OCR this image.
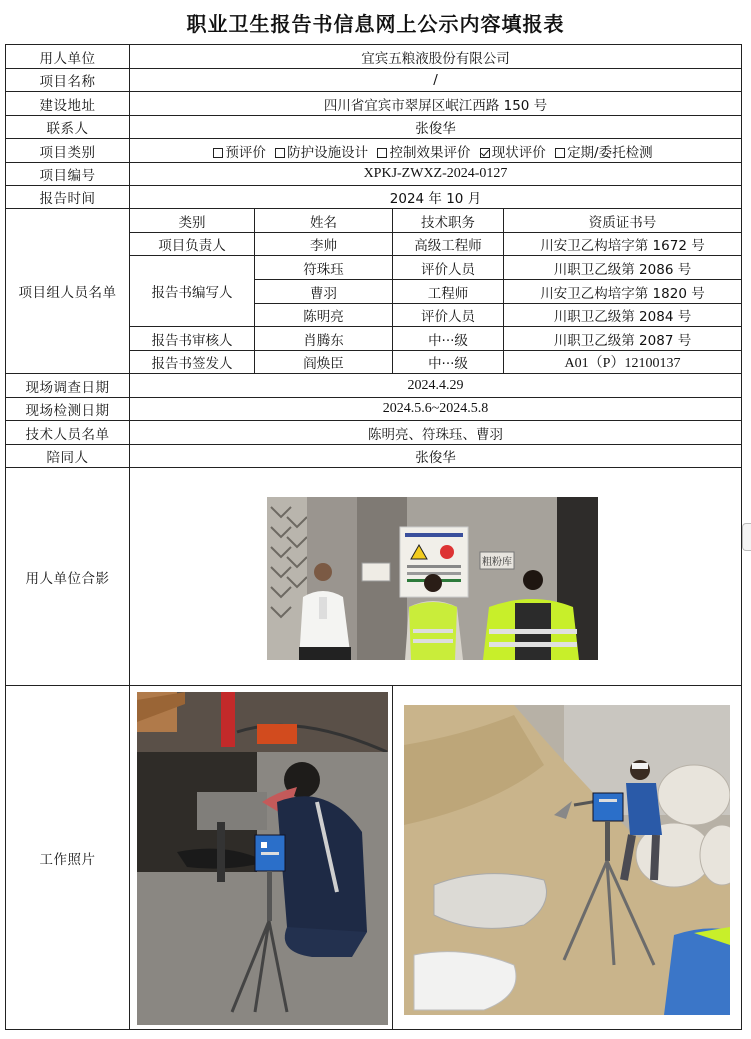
职业卫生报告书信息网上公示内容填报表
用人单位	宜宾五粮液股份有限公司			
项目名称	/			
建设地址	四川省宜宾市翠屏区岷江西路 150 号			
联系人	张俊华			
项目类别	预评价 防护设施设计 控制效果评价 现状评价 定期/委托检测			
项目编号	XPKJ-ZWXZ-2024-0127			
报告时间	2024 年 10 月			
项目组人员名单	类别	姓名	技术职务	资质证书号
	项目负责人	李帅	高级工程师	川安卫乙构培字第 1672 号
	报告书编写人	符珠珏	评价人员	川职卫乙级第 2086 号
		曹羽	工程师	川安卫乙构培字第 1820 号
		陈明亮	评价人员	川职卫乙级第 2084 号
	报告书审核人	肖腾东	中···级	川职卫乙级第 2087 号
	报告书签发人	阎焕臣	中···级	A01（P）12100137
现场调查日期	2024.4.29			
现场检测日期	2024.5.6~2024.5.8			
技术人员名单	陈明亮、符珠珏、曹羽			
陪同人	张俊华			
用人单位合影				
工作照片				
粗粉库
